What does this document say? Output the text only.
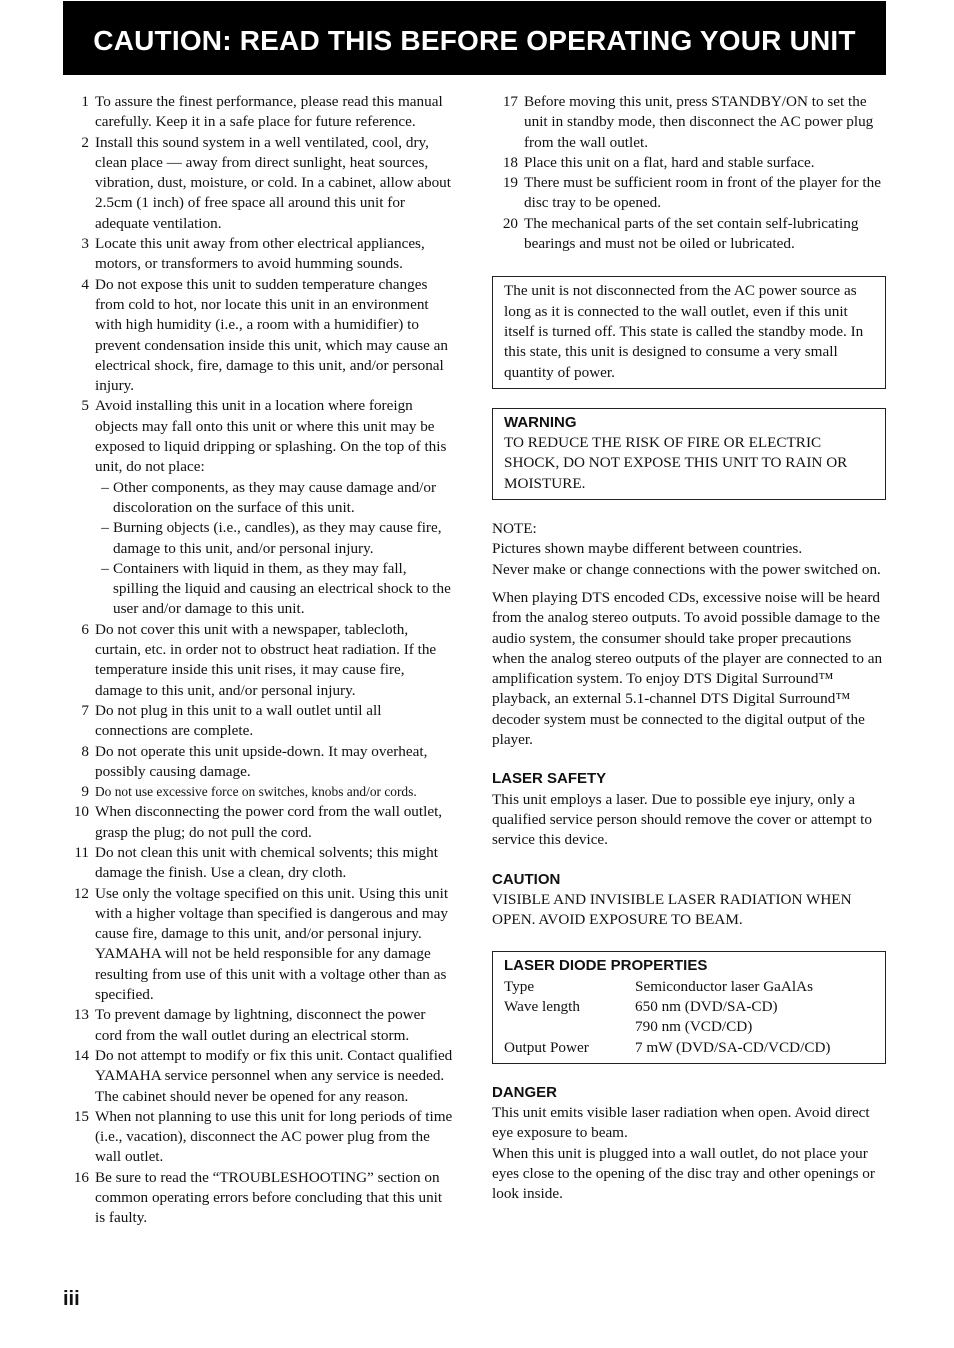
CAUTION: READ THIS BEFORE OPERATING YOUR UNIT
1 To assure the finest performance, please read this manual carefully. Keep it in a safe place for future reference.
2 Install this sound system in a well ventilated, cool, dry, clean place — away from direct sunlight, heat sources, vibration, dust, moisture, or cold. In a cabinet, allow about 2.5cm (1 inch) of free space all around this unit for adequate ventilation.
3 Locate this unit away from other electrical appliances, motors, or transformers to avoid humming sounds.
4 Do not expose this unit to sudden temperature changes from cold to hot, nor locate this unit in an environment with high humidity (i.e., a room with a humidifier) to prevent condensation inside this unit, which may cause an electrical shock, fire, damage to this unit, and/or personal injury.
5 Avoid installing this unit in a location where foreign objects may fall onto this unit or where this unit may be exposed to liquid dripping or splashing. On the top of this unit, do not place:
– Other components, as they may cause damage and/or discoloration on the surface of this unit.
– Burning objects (i.e., candles), as they may cause fire, damage to this unit, and/or personal injury.
– Containers with liquid in them, as they may fall, spilling the liquid and causing an electrical shock to the user and/or damage to this unit.
6 Do not cover this unit with a newspaper, tablecloth, curtain, etc. in order not to obstruct heat radiation. If the temperature inside this unit rises, it may cause fire, damage to this unit, and/or personal injury.
7 Do not plug in this unit to a wall outlet until all connections are complete.
8 Do not operate this unit upside-down. It may overheat, possibly causing damage.
9 Do not use excessive force on switches, knobs and/or cords.
10 When disconnecting the power cord from the wall outlet, grasp the plug; do not pull the cord.
11 Do not clean this unit with chemical solvents; this might damage the finish. Use a clean, dry cloth.
12 Use only the voltage specified on this unit. Using this unit with a higher voltage than specified is dangerous and may cause fire, damage to this unit, and/or personal injury. YAMAHA will not be held responsible for any damage resulting from use of this unit with a voltage other than as specified.
13 To prevent damage by lightning, disconnect the power cord from the wall outlet during an electrical storm.
14 Do not attempt to modify or fix this unit. Contact qualified YAMAHA service personnel when any service is needed. The cabinet should never be opened for any reason.
15 When not planning to use this unit for long periods of time (i.e., vacation), disconnect the AC power plug from the wall outlet.
16 Be sure to read the “TROUBLESHOOTING” section on common operating errors before concluding that this unit is faulty.
17 Before moving this unit, press STANDBY/ON to set the unit in standby mode, then disconnect the AC power plug from the wall outlet.
18 Place this unit on a flat, hard and stable surface.
19 There must be sufficient room in front of the player for the disc tray to be opened.
20 The mechanical parts of the set contain self-lubricating bearings and must not be oiled or lubricated.

The unit is not disconnected from the AC power source as long as it is connected to the wall outlet, even if this unit itself is turned off. This state is called the standby mode. In this state, this unit is designed to consume a very small quantity of power.

WARNING

TO REDUCE THE RISK OF FIRE OR ELECTRIC SHOCK, DO NOT EXPOSE THIS UNIT TO RAIN OR MOISTURE.

NOTE:

Pictures shown maybe different between countries.

Never make or change connections with the power switched on.

When playing DTS encoded CDs, excessive noise will be heard from the analog stereo outputs. To avoid possible damage to the audio system, the consumer should take proper precautions when the analog stereo outputs of the player are connected to an amplification system. To enjoy DTS Digital Surround™ playback, an external 5.1-channel DTS Digital Surround™ decoder system must be connected to the digital output of the player.

LASER SAFETY

This unit employs a laser. Due to possible eye injury, only a qualified service person should remove the cover or attempt to service this device.

CAUTION

VISIBLE AND INVISIBLE LASER RADIATION WHEN OPEN. AVOID EXPOSURE TO BEAM.

LASER DIODE PROPERTIES
Type	Semiconductor laser GaAlAs
Wave length	650 nm (DVD/SA-CD)
790 nm (VCD/CD)
Output Power	7 mW (DVD/SA-CD/VCD/CD)
DANGER

This unit emits visible laser radiation when open. Avoid direct eye exposure to beam.

When this unit is plugged into a wall outlet, do not place your eyes close to the opening of the disc tray and other openings or look inside.

iii
